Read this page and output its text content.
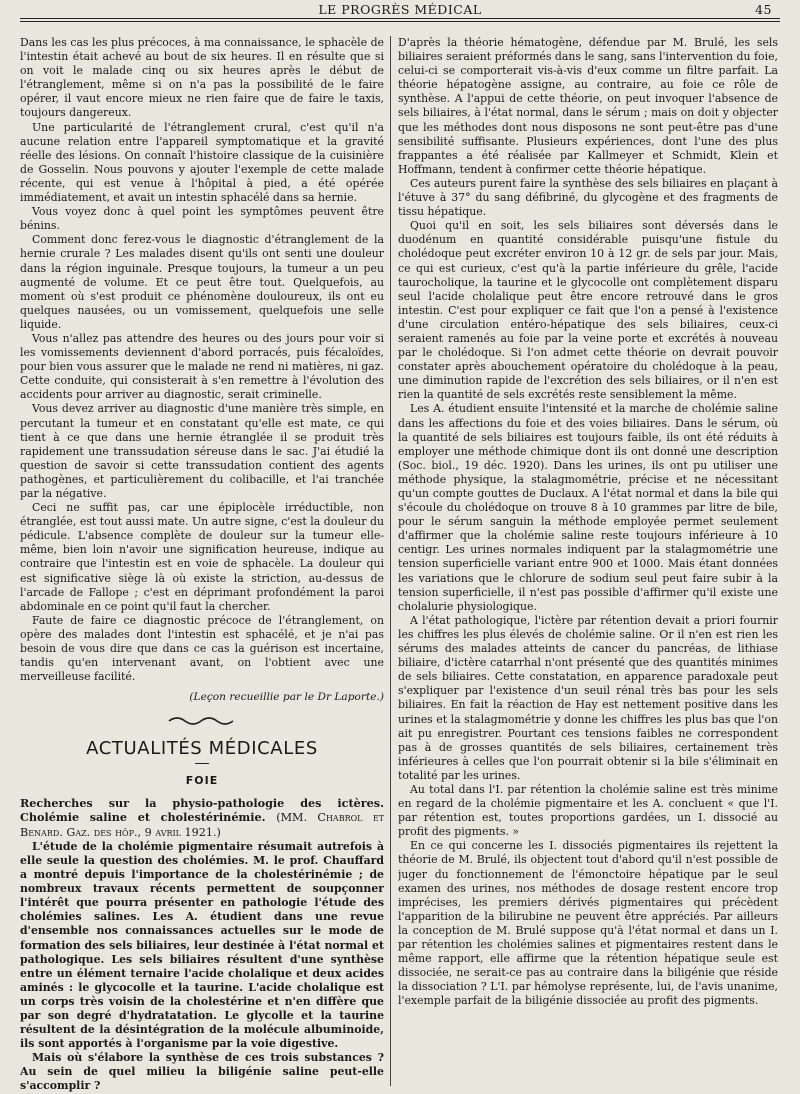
LE PROGRÈS MÉDICAL	45

Dans les cas les plus précoces, à ma connaissance, le sphacèle de l'intestin était achevé au bout de six heures. Il en résulte que si on voit le malade cinq ou six heures après le début de l'étranglement, même si on n'a pas la possibilité de le faire opérer, il vaut encore mieux ne rien faire que de faire le taxis, toujours dangereux.

Une particularité de l'étranglement crural, c'est qu'il n'a aucune relation entre l'appareil symptomatique et la gravité réelle des lésions. On connaît l'histoire classique de la cuisinière de Gosselin. Nous pouvons y ajouter l'exemple de cette malade récente, qui est venue à l'hôpital à pied, a été opérée immédiatement, et avait un intestin sphacélé dans sa hernie.

Vous voyez donc à quel point les symptômes peuvent être bénins.

Comment donc ferez-vous le diagnostic d'étranglement de la hernie crurale ? Les malades disent qu'ils ont senti une douleur dans la région inguinale. Presque toujours, la tumeur a un peu augmenté de volume. Et ce peut être tout. Quelquefois, au moment où s'est produit ce phénomène douloureux, ils ont eu quelques nausées, ou un vomissement, quelquefois une selle liquide.

Vous n'allez pas attendre des heures ou des jours pour voir si les vomissements deviennent d'abord porracés, puis fécaloïdes, pour bien vous assurer que le malade ne rend ni matières, ni gaz. Cette conduite, qui consisterait à s'en remettre à l'évolution des accidents pour arriver au diagnostic, serait criminelle.

Vous devez arriver au diagnostic d'une manière très simple, en percutant la tumeur et en constatant qu'elle est mate, ce qui tient à ce que dans une hernie étranglée il se produit très rapidement une transsudation séreuse dans le sac. J'ai étudié la question de savoir si cette transsudation contient des agents pathogènes, et particulièrement du colibacille, et l'ai tranchée par la négative.

Ceci ne suffit pas, car une épiplocèle irréductible, non étranglée, est tout aussi mate. Un autre signe, c'est la douleur du pédicule. L'absence complète de douleur sur la tumeur elle-même, bien loin n'avoir une signification heureuse, indique au contraire que l'intestin est en voie de sphacèle. La douleur qui est significative siège là où existe la striction, au-dessus de l'arcade de Fallope ; c'est en déprimant profondément la paroi abdominale en ce point qu'il faut la chercher.

Faute de faire ce diagnostic précoce de l'étranglement, on opère des malades dont l'intestin est sphacélé, et je n'ai pas besoin de vous dire que dans ce cas la guérison est incertaine, tandis qu'en intervenant avant, on l'obtient avec une merveilleuse facilité.

(Leçon recueillie par le Dr Laporte.)

ACTUALITÉS MÉDICALES
FOIE

Recherches sur la physio-pathologie des ictères. Cholémie saline et cholestérinémie. (MM. Chabrol et Benard. Gaz. des hôp., 9 avril 1921.)

L'étude de la cholémie pigmentaire résumait autrefois à elle seule la question des cholémies. M. le prof. Chauffard a montré depuis l'importance de la cholestérinémie ; de nombreux travaux récents permettent de soupçonner l'intérêt que pourra présenter en pathologie l'étude des cholémies salines. Les A. étudient dans une revue d'ensemble nos connaissances actuelles sur le mode de formation des sels biliaires, leur destinée à l'état normal et pathologique. Les sels biliaires résultent d'une synthèse entre un élément ternaire l'acide cholalique et deux acides aminés : le glycocolle et la taurine. L'acide cholalique est un corps très voisin de la cholestérine et n'en diffère que par son degré d'hydratatation. Le glycolle et la taurine résultent de la désintégration de la molécule albuminoide, ils sont apportés à l'organisme par la voie digestive.

Mais où s'élabore la synthèse de ces trois substances ? Au sein de quel milieu la biligénie saline peut-elle s'accomplir ?

D'après la théorie hématogène, défendue par M. Brulé, les sels biliaires seraient préformés dans le sang, sans l'intervention du foie, celui-ci se comporterait vis-à-vis d'eux comme un filtre parfait. La théorie hépatogène assigne, au contraire, au foie ce rôle de synthèse. A l'appui de cette théorie, on peut invoquer l'absence de sels biliaires, à l'état normal, dans le sérum ; mais on doit y objecter que les méthodes dont nous disposons ne sont peut-être pas d'une sensibilité suffisante. Plusieurs expériences, dont l'une des plus frappantes a été réalisée par Kallmeyer et Schmidt, Klein et Hoffmann, tendent à confirmer cette théorie hépatique.

Ces auteurs purent faire la synthèse des sels biliaires en plaçant à l'étuve à 37° du sang défibriné, du glycogène et des fragments de tissu hépatique.

Quoi qu'il en soit, les sels biliaires sont déversés dans le duodénum en quantité considérable puisqu'une fistule du cholédoque peut excréter environ 10 à 12 gr. de sels par jour. Mais, ce qui est curieux, c'est qu'à la partie inférieure du grêle, l'acide taurocholique, la taurine et le glycocolle ont complètement disparu seul l'acide cholalique peut être encore retrouvé dans le gros intestin. C'est pour expliquer ce fait que l'on a pensé à l'existence d'une circulation entéro-hépatique des sels biliaires, ceux-ci seraient ramenés au foie par la veine porte et excrétés à nouveau par le cholédoque. Si l'on admet cette théorie on devrait pouvoir constater après abouchement opératoire du cholédoque à la peau, une diminution rapide de l'excrétion des sels biliaires, or il n'en est rien la quantité de sels excrétés reste sensiblement la même.

Les A. étudient ensuite l'intensité et la marche de cholémie saline dans les affections du foie et des voies biliaires. Dans le sérum, où la quantité de sels biliaires est toujours faible, ils ont été réduits à employer une méthode chimique dont ils ont donné une description (Soc. biol., 19 déc. 1920). Dans les urines, ils ont pu utiliser une méthode physique, la stalagmométrie, précise et ne nécessitant qu'un compte gouttes de Duclaux. A l'état normal et dans la bile qui s'écoule du cholédoque on trouve 8 à 10 grammes par litre de bile, pour le sérum sanguin la méthode employée permet seulement d'affirmer que la cholémie saline reste toujours inférieure à 10 centigr. Les urines normales indiquent par la stalagmométrie une tension superficielle variant entre 900 et 1000. Mais étant données les variations que le chlorure de sodium seul peut faire subir à la tension superficielle, il n'est pas possible d'affirmer qu'il existe une cholalurie physiologique.

A l'état pathologique, l'ictère par rétention devait a priori fournir les chiffres les plus élevés de cholémie saline. Or il n'en est rien les sérums des malades atteints de cancer du pancréas, de lithiase biliaire, d'ictère catarrhal n'ont présenté que des quantités minimes de sels biliaires. Cette constatation, en apparence paradoxale peut s'expliquer par l'existence d'un seuil rénal très bas pour les sels biliaires. En fait la réaction de Hay est nettement positive dans les urines et la stalagmométrie y donne les chiffres les plus bas que l'on ait pu enregistrer. Pourtant ces tensions faibles ne correspondent pas à de grosses quantités de sels biliaires, certainement très inférieures à celles que l'on pourrait obtenir si la bile s'éliminait en totalité par les urines.

Au total dans l'I. par rétention la cholémie saline est très minime en regard de la cholémie pigmentaire et les A. concluent « que l'I. par rétention est, toutes proportions gardées, un I. dissocié au profit des pigments. »

En ce qui concerne les I. dissociés pigmentaires ils rejettent la théorie de M. Brulé, ils objectent tout d'abord qu'il n'est possible de juger du fonctionnement de l'émonctoire hépatique par le seul examen des urines, nos méthodes de dosage restent encore trop imprécises, les premiers dérivés pigmentaires qui précèdent l'apparition de la bilirubine ne peuvent être appréciés. Par ailleurs la conception de M. Brulé suppose qu'à l'état normal et dans un I. par rétention les cholémies salines et pigmentaires restent dans le même rapport, elle affirme que la rétention hépatique seule est dissociée, ne serait-ce pas au contraire dans la biligénie que réside la dissociation ? L'I. par hémolyse représente, lui, de l'avis unanime, l'exemple parfait de la biligénie dissociée au profit des pigments.
